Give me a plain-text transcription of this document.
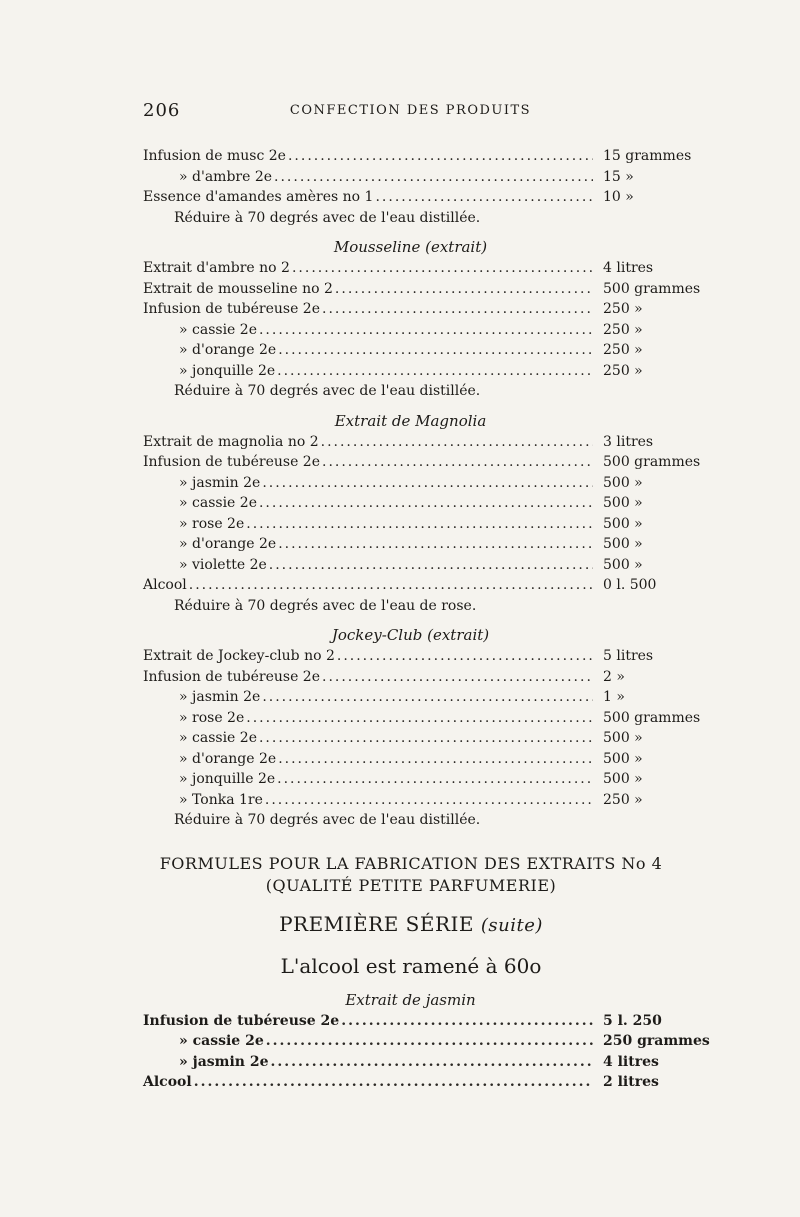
206	CONFECTION DES PRODUITS
Infusion de musc 2e .....	15 grammes
» d'ambre 2e .....	15 »
Essence d'amandes amères no 1 .....	10 »
Réduire à 70 degrés avec de l'eau distillée.
Mousseline (extrait)
Extrait d'ambre no 2 .....	4 litres
Extrait de mousseline no 2 .....	500 grammes
Infusion de tubéreuse 2e .....	250 »
» cassie 2e .....	250 »
» d'orange 2e .....	250 »
» jonquille 2e .....	250 »
Réduire à 70 degrés avec de l'eau distillée.
Extrait de Magnolia
Extrait de magnolia no 2 .....	3 litres
Infusion de tubéreuse 2e .....	500 grammes
» jasmin 2e .....	500 »
» cassie 2e .....	500 »
» rose 2e .....	500 »
» d'orange 2e .....	500 »
» violette 2e .....	500 »
Alcool .....	0 l. 500
Réduire à 70 degrés avec de l'eau de rose.
Jockey-Club (extrait)
Extrait de Jockey-club no 2 .....	5 litres
Infusion de tubéreuse 2e .....	2 »
» jasmin 2e .....	1 »
» rose 2e .....	500 grammes
» cassie 2e .....	500 »
» d'orange 2e .....	500 »
» jonquille 2e .....	500 »
» Tonka 1re .....	250 »
Réduire à 70 degrés avec de l'eau distillée.
FORMULES POUR LA FABRICATION DES EXTRAITS No 4
(QUALITÉ PETITE PARFUMERIE)
PREMIÈRE SÉRIE (suite)
L'alcool est ramené à 60o
Extrait de jasmin
Infusion de tubéreuse 2e .....	5 l. 250
» cassie 2e .....	250 grammes
» jasmin 2e .....	4 litres
Alcool .....	2 litres
